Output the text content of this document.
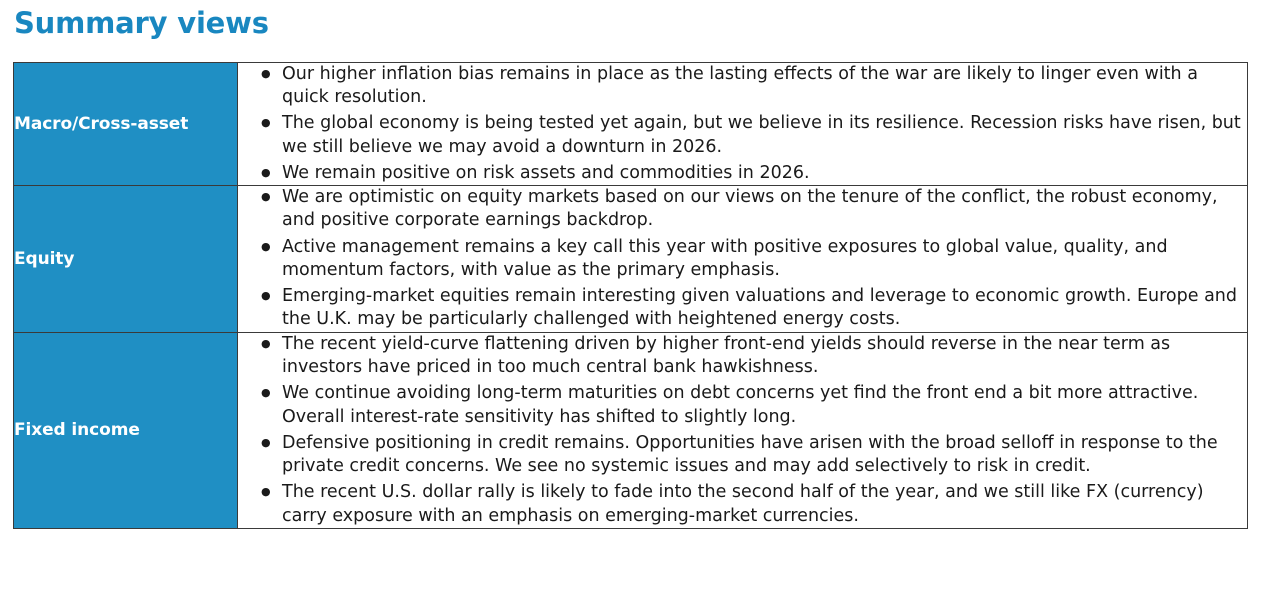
Summary views
Macro/Cross-asset	
● Our higher inflation bias remains in place as the lasting effects of the war are likely to linger even with a quick resolution.
● The global economy is being tested yet again, but we believe in its resilience. Recession risks have risen, but we still believe we may avoid a downturn in 2026.
● We remain positive on risk assets and commodities in 2026.

Equity	
● We are optimistic on equity markets based on our views on the tenure of the conflict, the robust economy, and positive corporate earnings backdrop.
● Active management remains a key call this year with positive exposures to global value, quality, and momentum factors, with value as the primary emphasis.
● Emerging-market equities remain interesting given valuations and leverage to economic growth. Europe and the U.K. may be particularly challenged with heightened energy costs.

Fixed income	
● The recent yield-curve flattening driven by higher front-end yields should reverse in the near term as investors have priced in too much central bank hawkishness.
● We continue avoiding long-term maturities on debt concerns yet find the front end a bit more attractive. Overall interest-rate sensitivity has shifted to slightly long.
● Defensive positioning in credit remains. Opportunities have arisen with the broad selloff in response to the private credit concerns. We see no systemic issues and may add selectively to risk in credit.
● The recent U.S. dollar rally is likely to fade into the second half of the year, and we still like FX (currency) carry exposure with an emphasis on emerging-market currencies.
